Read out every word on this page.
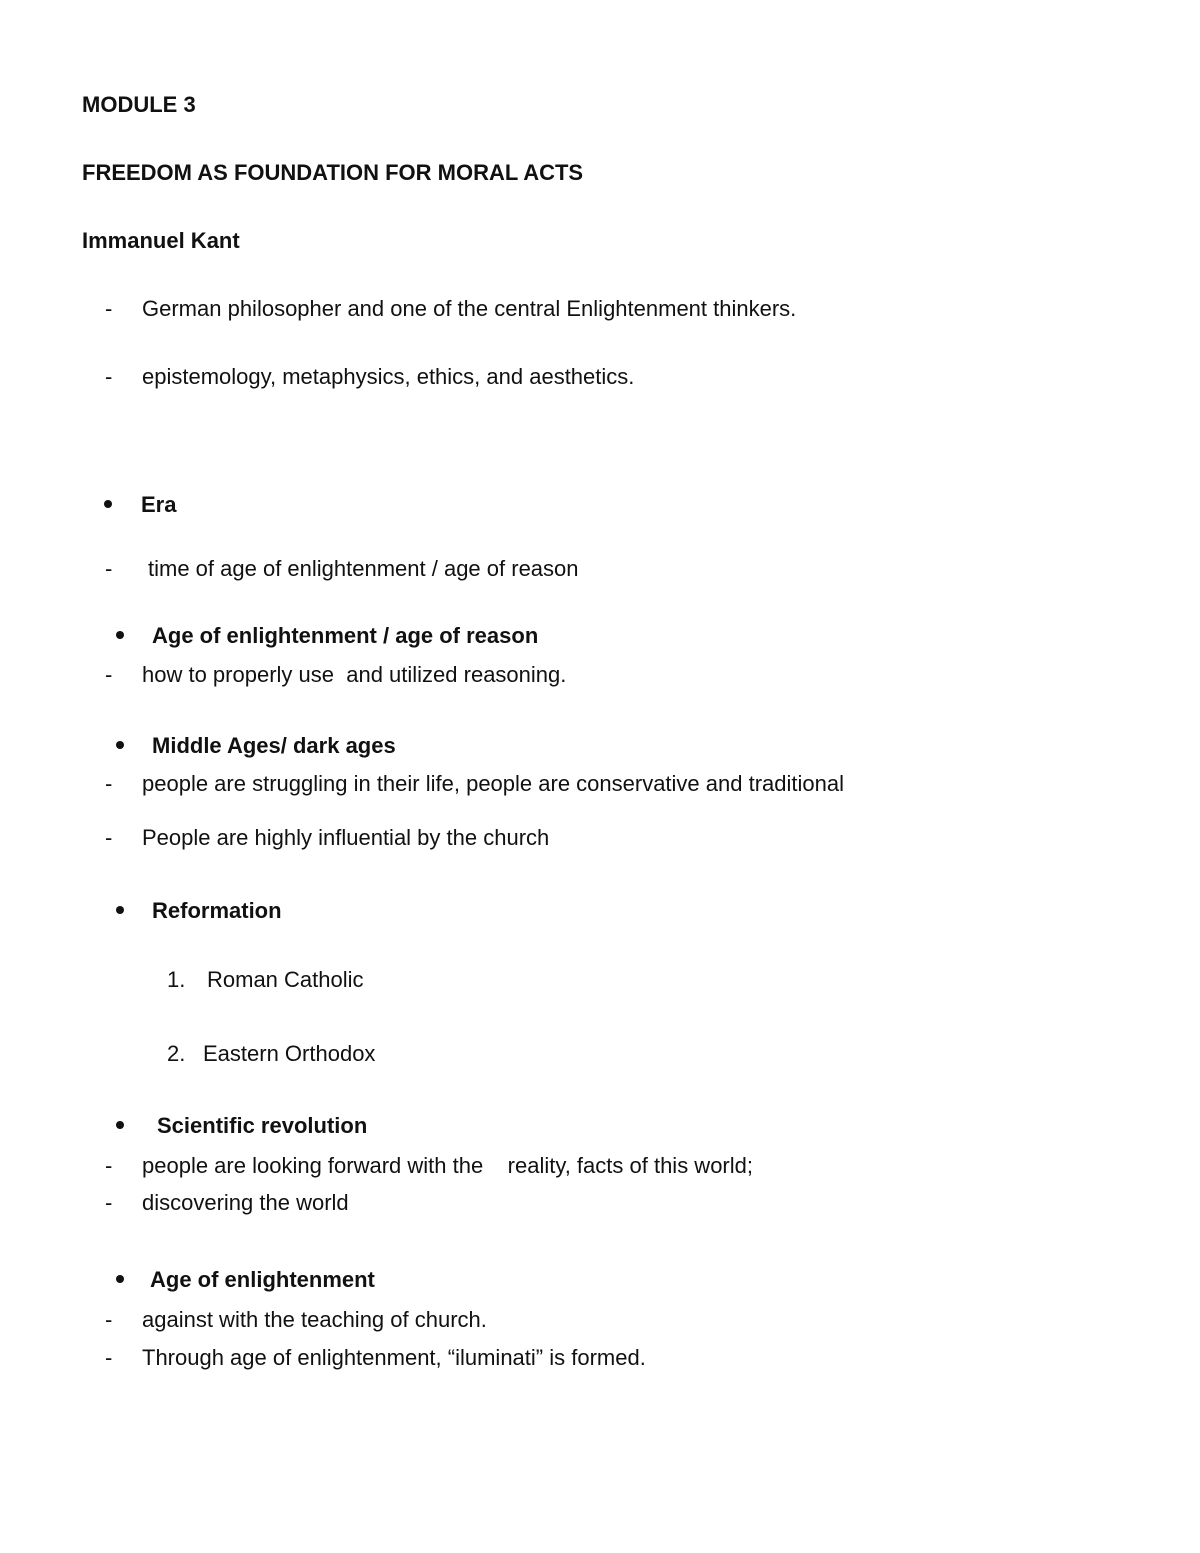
MODULE 3
FREEDOM AS FOUNDATION FOR MORAL ACTS
Immanuel Kant
- German philosopher and one of the central Enlightenment thinkers.
- epistemology, metaphysics, ethics, and aesthetics.
Era
- time of age of enlightenment / age of reason
Age of enlightenment / age of reason
- how to properly use  and utilized reasoning.
Middle Ages/ dark ages
- people are struggling in their life, people are conservative and traditional
- People are highly influential by the church
Reformation
1. Roman Catholic
2. Eastern Orthodox
Scientific revolution
- people are looking forward with the    reality, facts of this world;
- discovering the world
Age of enlightenment
- against with the teaching of church.
- Through age of enlightenment, “iluminati” is formed.
